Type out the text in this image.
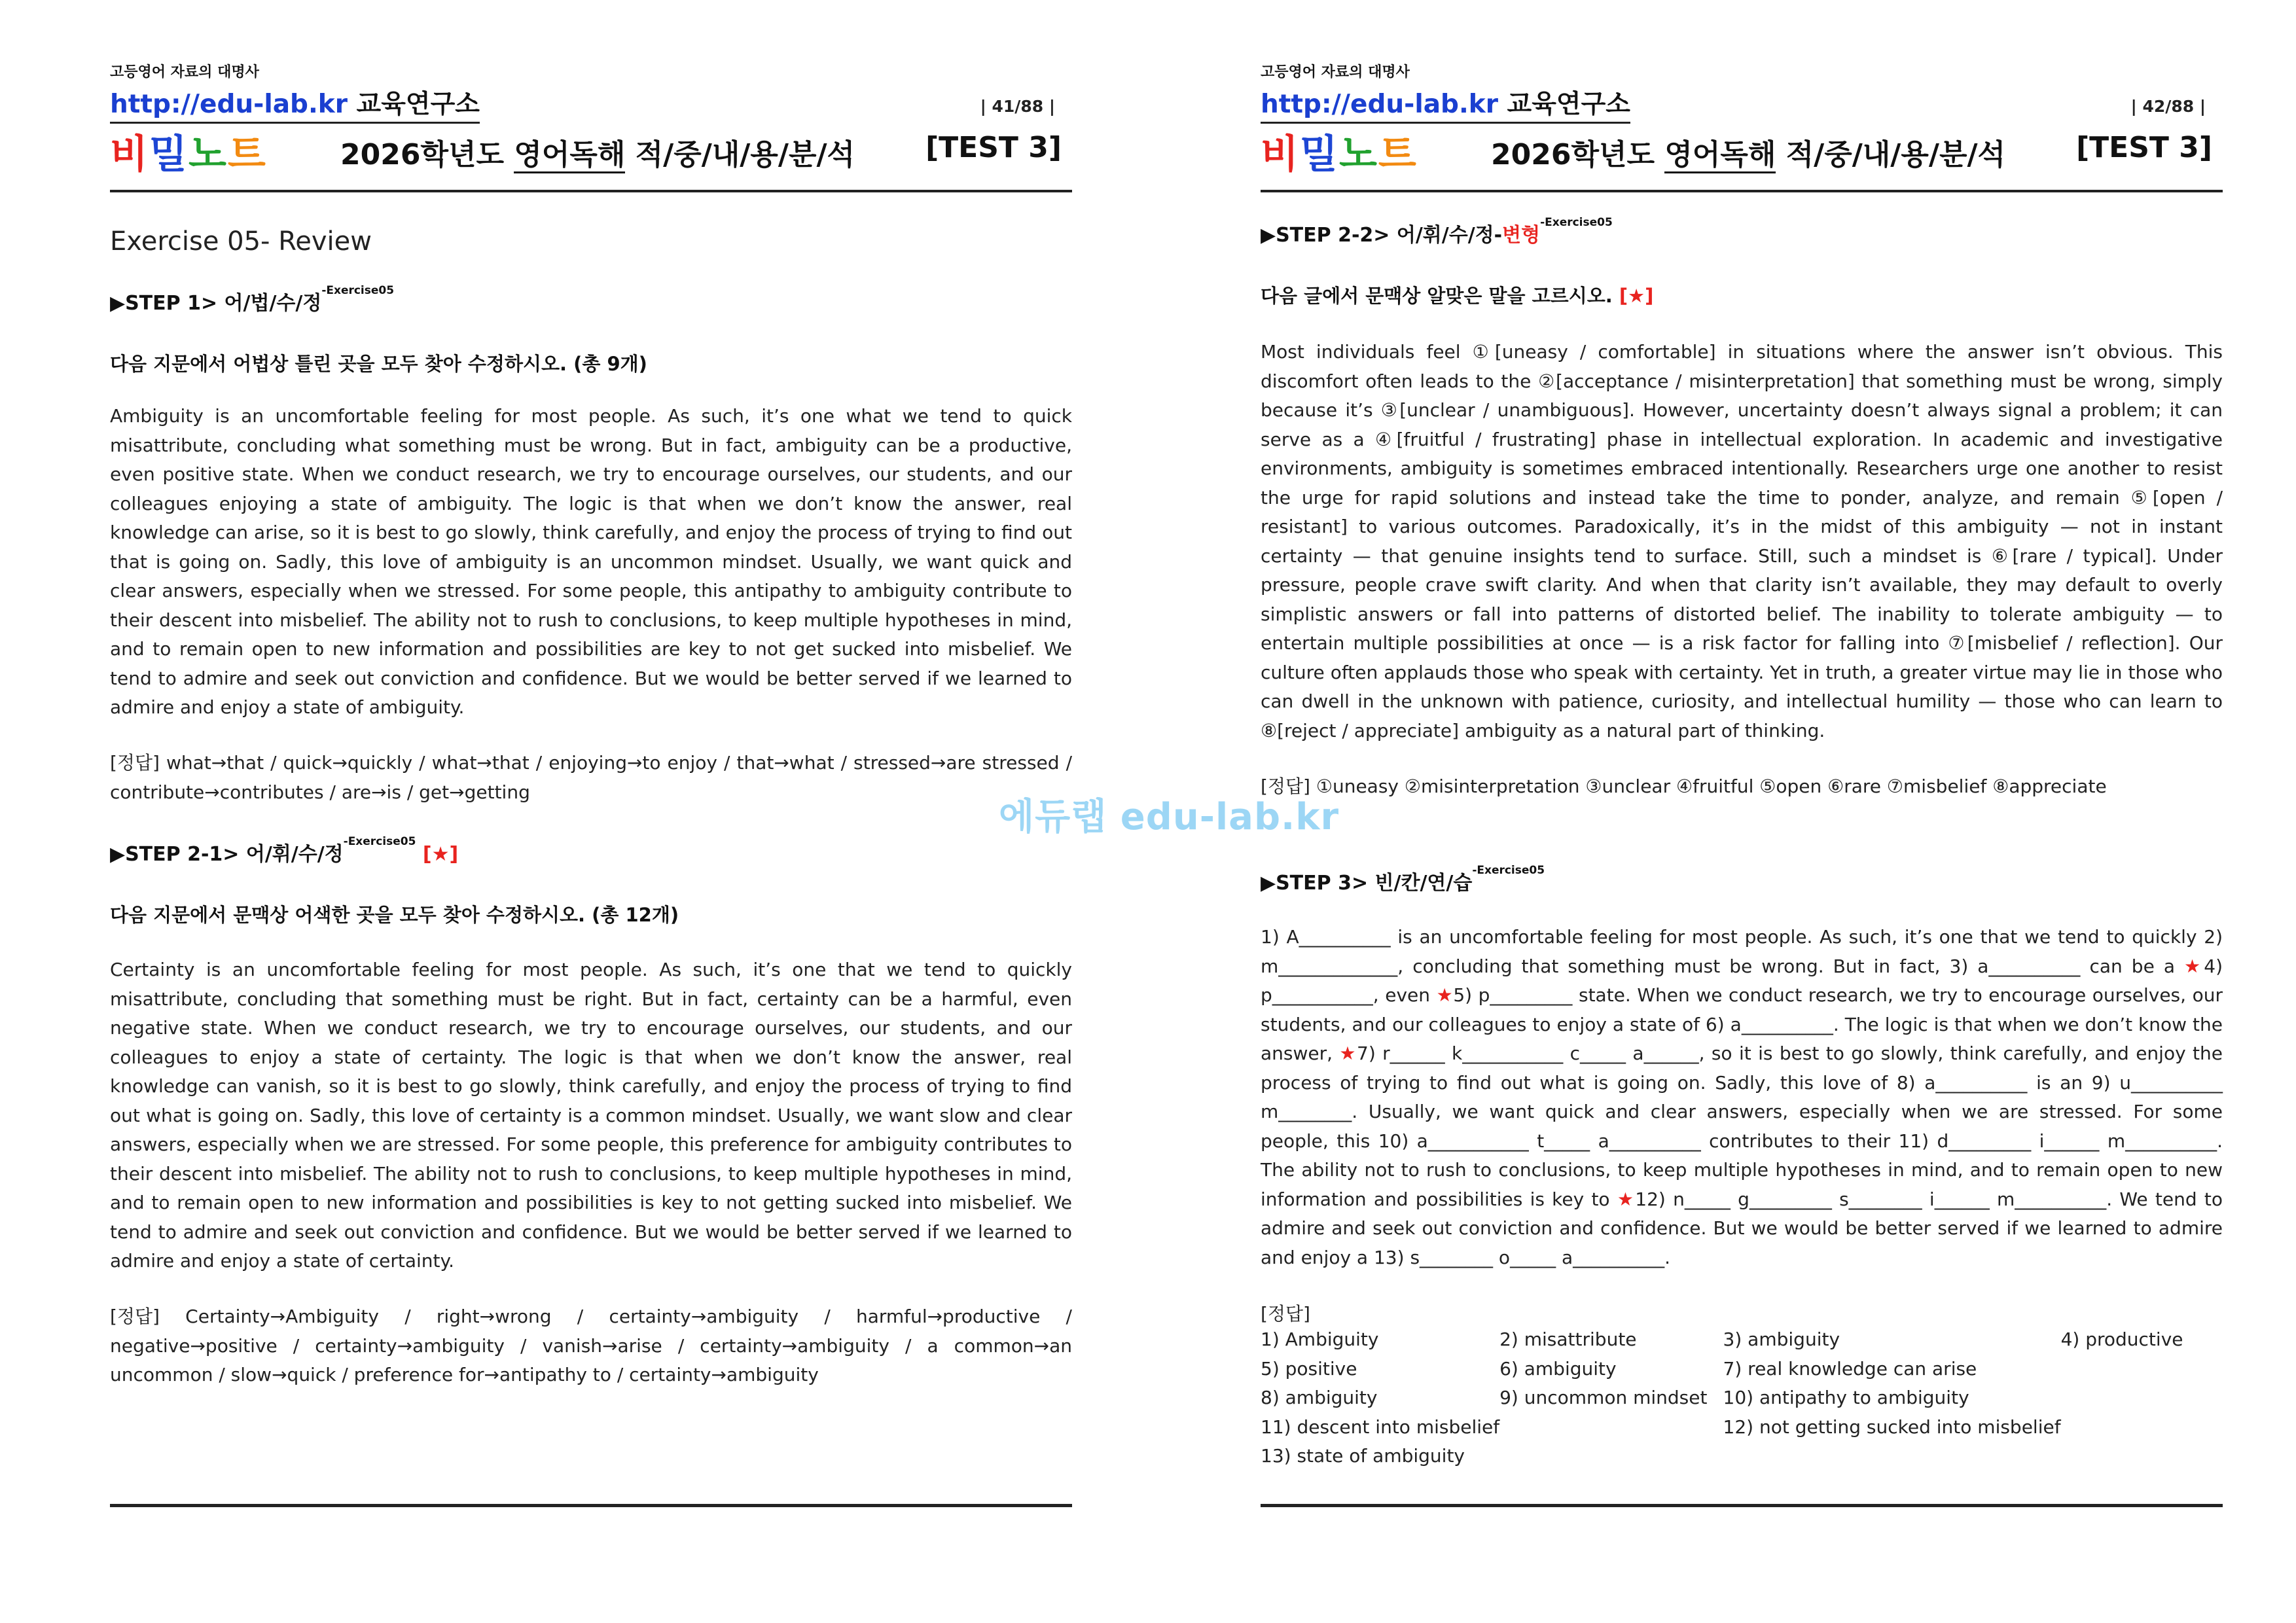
고등영어 자료의 대명사
http://edu-lab.kr 교육연구소	| 41/88 |
비밀노트	2026학년도 영어독해 적/중/내/용/분/석 [TEST 3]
Exercise 05- Review
▶STEP 1> 어/법/수/정$^{-Exercise05}$
다음 지문에서 어법상 틀린 곳을 모두 찾아 수정하시오. (총 9개)

Ambiguity is an uncomfortable feeling for most people. As such, it’s one what we tend to quick misattribute, concluding what something must be wrong. But in fact, ambiguity can be a productive, even positive state. When we conduct research, we try to encourage ourselves, our students, and our colleagues enjoying a state of ambiguity. The logic is that when we don’t know the answer, real knowledge can arise, so it is best to go slowly, think carefully, and enjoy the process of trying to find out that is going on. Sadly, this love of ambiguity is an uncommon mindset. Usually, we want quick and clear answers, especially when we stressed. For some people, this antipathy to ambiguity contribute to their descent into misbelief. The ability not to rush to conclusions, to keep multiple hypotheses in mind, and to remain open to new information and possibilities are key to not get sucked into misbelief. We tend to admire and seek out conviction and confidence. But we would be better served if we learned to admire and enjoy a state of ambiguity.

[정답] what→that / quick→quickly / what→that / enjoying→to enjoy / that→what / stressed→are stressed / contribute→contributes / are→is / get→getting

▶STEP 2-1> 어/휘/수/정$^{-Exercise05}$ [★]
다음 지문에서 문맥상 어색한 곳을 모두 찾아 수정하시오. (총 12개)

Certainty is an uncomfortable feeling for most people. As such, it’s one that we tend to quickly misattribute, concluding that something must be right. But in fact, certainty can be a harmful, even negative state. When we conduct research, we try to encourage ourselves, our students, and our colleagues to enjoy a state of certainty. The logic is that when we don’t know the answer, real knowledge can vanish, so it is best to go slowly, think carefully, and enjoy the process of trying to find out what is going on. Sadly, this love of certainty is a common mindset. Usually, we want slow and clear answers, especially when we are stressed. For some people, this preference for ambiguity contributes to their descent into misbelief. The ability not to rush to conclusions, to keep multiple hypotheses in mind, and to remain open to new information and possibilities is key to not getting sucked into misbelief. We tend to admire and seek out conviction and confidence. But we would be better served if we learned to admire and enjoy a state of certainty.

[정답] Certainty→Ambiguity / right→wrong / certainty→ambiguity / harmful→productive / negative→positive / certainty→ambiguity / vanish→arise / certainty→ambiguity / a common→an uncommon / slow→quick / preference for→antipathy to / certainty→ambiguity

고등영어 자료의 대명사
http://edu-lab.kr 교육연구소	| 42/88 |
비밀노트	2026학년도 영어독해 적/중/내/용/분/석 [TEST 3]
▶STEP 2-2> 어/휘/수/정-변형$^{-Exercise05}$
다음 글에서 문맥상 알맞은 말을 고르시오. [★]

Most individuals feel ①[uneasy / comfortable] in situations where the answer isn’t obvious. This discomfort often leads to the ②[acceptance / misinterpretation] that something must be wrong, simply because it’s ③[unclear / unambiguous]. However, uncertainty doesn’t always signal a problem; it can serve as a ④[fruitful / frustrating] phase in intellectual exploration. In academic and investigative environments, ambiguity is sometimes embraced intentionally. Researchers urge one another to resist the urge for rapid solutions and instead take the time to ponder, analyze, and remain ⑤[open / resistant] to various outcomes. Paradoxically, it’s in the midst of this ambiguity — not in instant certainty — that genuine insights tend to surface. Still, such a mindset is ⑥[rare / typical]. Under pressure, people crave swift clarity. And when that clarity isn’t available, they may default to overly simplistic answers or fall into patterns of distorted belief. The inability to tolerate ambiguity — to entertain multiple possibilities at once — is a risk factor for falling into ⑦[misbelief / reflection]. Our culture often applauds those who speak with certainty. Yet in truth, a greater virtue may lie in those who can dwell in the unknown with patience, curiosity, and intellectual humility — those who can learn to ⑧[reject / appreciate] ambiguity as a natural part of thinking.

[정답] ①uneasy ②misinterpretation ③unclear ④fruitful ⑤open ⑥rare ⑦misbelief ⑧appreciate

▶STEP 3> 빈/칸/연/습$^{-Exercise05}$

1) A__________ is an uncomfortable feeling for most people. As such, it’s one that we tend to quickly 2) m_____________, concluding that something must be wrong. But in fact, 3) a__________ can be a ★4) p___________, even ★5) p_________ state. When we conduct research, we try to encourage ourselves, our students, and our colleagues to enjoy a state of 6) a__________. The logic is that when we don’t know the answer, ★7) r______ k___________ c_____ a______, so it is best to go slowly, think carefully, and enjoy the process of trying to find out what is going on. Sadly, this love of 8) a__________ is an 9) u__________ m________. Usually, we want quick and clear answers, especially when we are stressed. For some people, this 10) a___________ t_____ a__________ contributes to their 11) d_________ i______ m__________. The ability not to rush to conclusions, to keep multiple hypotheses in mind, and to remain open to new information and possibilities is key to ★12) n_____ g_________ s________ i______ m__________. We tend to admire and seek out conviction and confidence. But we would be better served if we learned to admire and enjoy a 13) s________ o_____ a__________.

[정답]
1) Ambiguity	2) misattribute	3) ambiguity	4) productive
5) positive	6) ambiguity	7) real knowledge can arise	
8) ambiguity	9) uncommon mindset	10) antipathy to ambiguity	
11) descent into misbelief		12) not getting sucked into misbelief	
13) state of ambiguity			
에듀랩 edu-lab.kr
